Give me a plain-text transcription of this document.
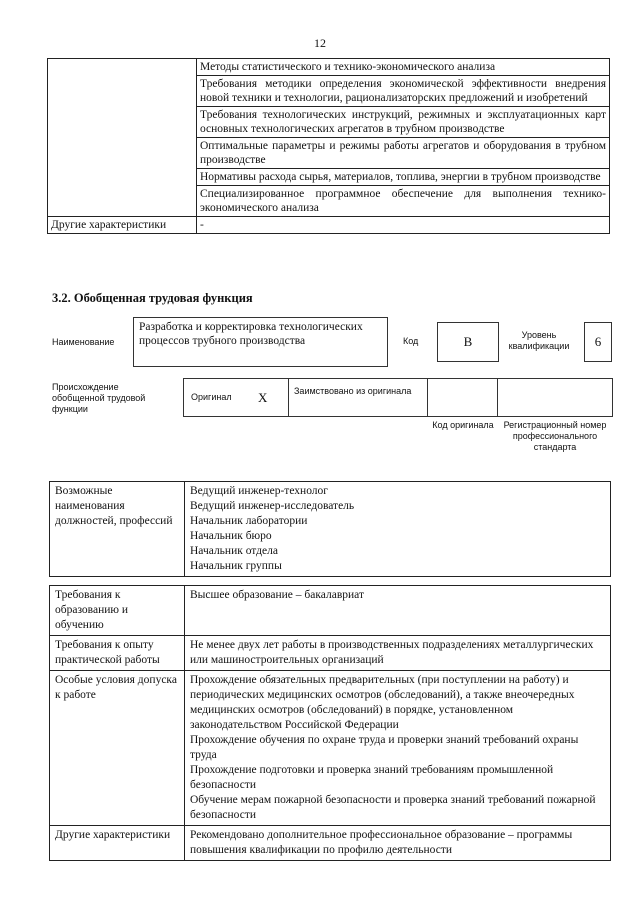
12
	Методы статистического и технико-экономического анализа
	Требования методики определения экономической эффективности внедрения новой техники и технологии, рационализаторских предложений и изобретений
	Требования технологических инструкций, режимных и эксплуатационных карт основных технологических агрегатов в трубном производстве
	Оптимальные параметры и режимы работы агрегатов и оборудования в трубном производстве
	Нормативы расхода сырья, материалов, топлива, энергии в трубном производстве
	Специализированное программное обеспечение для выполнения технико-экономического анализа
Другие характеристики	-
3.2. Обобщенная трудовая функция
Наименование
Разработка и корректировка технологических процессов трубного производства	Код	B	Уровень квалификации	6
Происхождение обобщенной трудовой функции
Оригинал X	Заимствовано из оригинала
Код оригинала	Регистрационный номер профессионального стандарта
Возможные наименования должностей, профессий	
Ведущий инженер-технолог
Ведущий инженер-исследователь
Начальник лаборатории
Начальник бюро
Начальник отдела
Начальник группы
Требования к образованию и обучению	Высшее образование – бакалавриат
Требования к опыту практической работы	Не менее двух лет работы в производственных подразделениях металлургических или машиностроительных организаций
Особые условия допуска к работе	Прохождение обязательных предварительных (при поступлении на работу) и периодических медицинских осмотров (обследований), а также внеочередных медицинских осмотров (обследований) в порядке, установленном законодательством Российской Федерации
Прохождение обучения по охране труда и проверки знаний требований охраны труда
Прохождение подготовки и проверка знаний требованиям промышленной безопасности
Обучение мерам пожарной безопасности и проверка знаний требований пожарной безопасности

Другие характеристики	Рекомендовано дополнительное профессиональное образование – программы повышения квалификации по профилю деятельности
